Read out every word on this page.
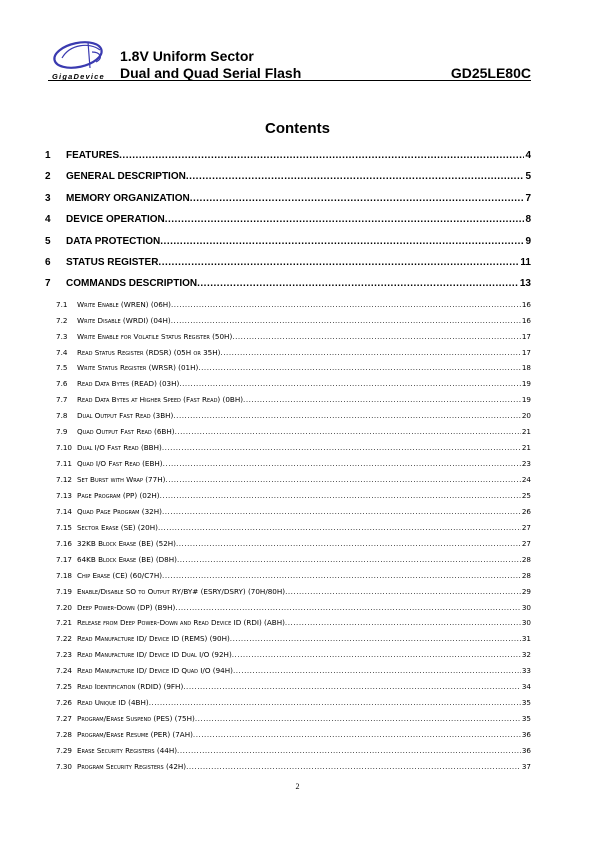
GigaDevice
1.8V Uniform Sector
Dual and Quad Serial Flash	GD25LE80C
Contents
1	FEATURES .....	4
2	GENERAL DESCRIPTION .....	5
3	MEMORY ORGANIZATION .....	7
4	DEVICE OPERATION .....	8
5	DATA PROTECTION .....	9
6	STATUS REGISTER .....	11
7	COMMANDS DESCRIPTION .....	13
7.1	Write Enable (WREN) (06H) .....	16
7.2	Write Disable (WRDI) (04H) .....	16
7.3	Write Enable for Volatile Status Register (50H) .....	17
7.4	Read Status Register (RDSR) (05H or 35H) .....	17
7.5	Write Status Register (WRSR) (01H) .....	18
7.6	Read Data Bytes (READ) (03H) .....	19
7.7	Read Data Bytes at Higher Speed (Fast Read) (0BH) .....	19
7.8	Dual Output Fast Read (3BH) .....	20
7.9	Quad Output Fast Read (6BH) .....	21
7.10 Dual I/O Fast Read (BBH) .....	21
7.11 Quad I/O Fast Read (EBH) .....	23
7.12 Set Burst with Wrap (77H) .....	24
7.13 Page Program (PP) (02H) .....	25
7.14 Quad Page Program (32H) .....	26
7.15 Sector Erase (SE) (20H) .....	27
7.16 32KB Block Erase (BE) (52H) .....	27
7.17 64KB Block Erase (BE) (D8H) .....	28
7.18 Chip Erase (CE) (60/C7H) .....	28
7.19 Enable/Disable SO to Output RY/BY# (ESRY/DSRY) (70H/80H) .....	29
7.20 Deep Power-Down (DP) (B9H) .....	30
7.21 Release from Deep Power-Down and Read Device ID (RDI) (ABH) .....	30
7.22 Read Manufacture ID/ Device ID (REMS) (90H) .....	31
7.23 Read Manufacture ID/ Device ID Dual I/O (92H) .....	32
7.24 Read Manufacture ID/ Device ID Quad I/O (94H) .....	33
7.25 Read Identification (RDID) (9FH) .....	34
7.26 Read Unique ID (4BH) .....	35
7.27 Program/Erase Suspend (PES) (75H) .....	35
7.28 Program/Erase Resume (PER) (7AH) .....	36
7.29 Erase Security Registers (44H) .....	36
7.30 Program Security Registers (42H) .....	37
2
